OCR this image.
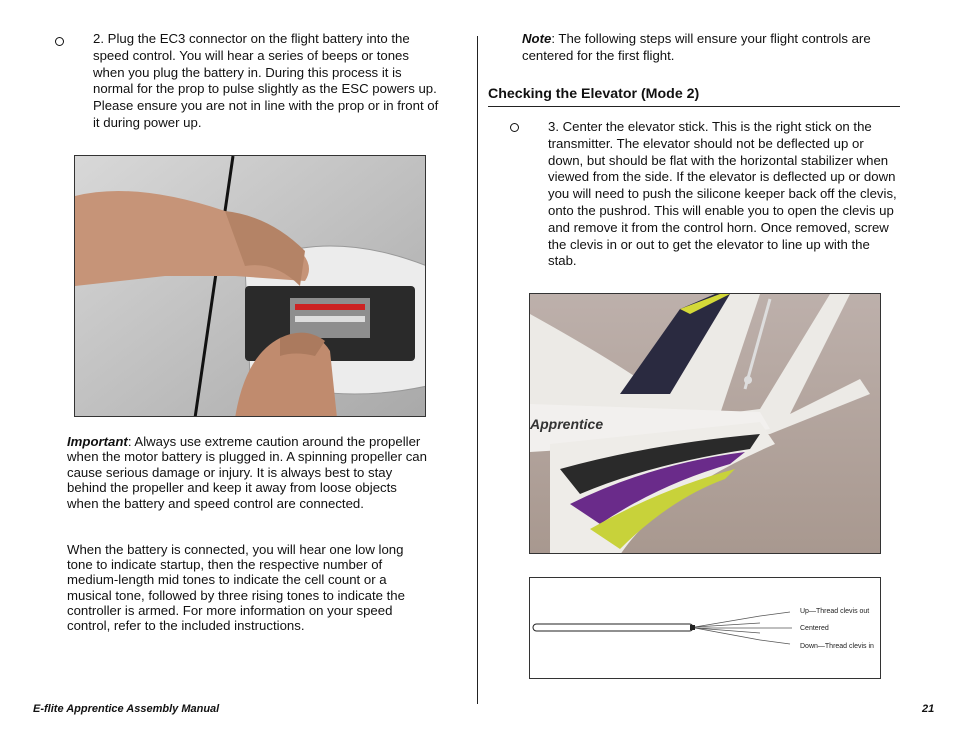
2. Plug the EC3 connector on the flight battery into the speed control. You will hear a series of beeps or tones when you plug the battery in. During this process it is normal for the prop to pulse slightly as the ESC powers up. Please ensure you are not in line with the prop or in front of it during power up.
Important: Always use extreme caution around the propeller when the motor battery is plugged in. A spinning propeller can cause serious damage or injury. It is always best to stay behind the propeller and keep it away from loose objects when the battery and speed control are connected.
When the battery is connected, you will hear one low long tone to indicate startup, then the respective number of medium-length mid tones to indicate the cell count or a musical tone, followed by three rising tones to indicate the controller is armed. For more information on your speed control, refer to the included instructions.
Note: The following steps will ensure your flight controls are centered for the first flight.
Checking the Elevator (Mode 2)
3. Center the elevator stick. This is the right stick on the transmitter. The elevator should not be deflected up or down, but should be flat with the horizontal stabilizer when viewed from the side. If the elevator is deflected up or down you will need to push the silicone keeper back off the clevis, onto the pushrod. This will enable you to open the clevis up and remove it from the control horn. Once removed, screw the clevis in or out to get the elevator to line up with the stab.
Apprentice
Up—Thread clevis out
Centered
Down—Thread clevis in
E-flite Apprentice Assembly Manual	21
